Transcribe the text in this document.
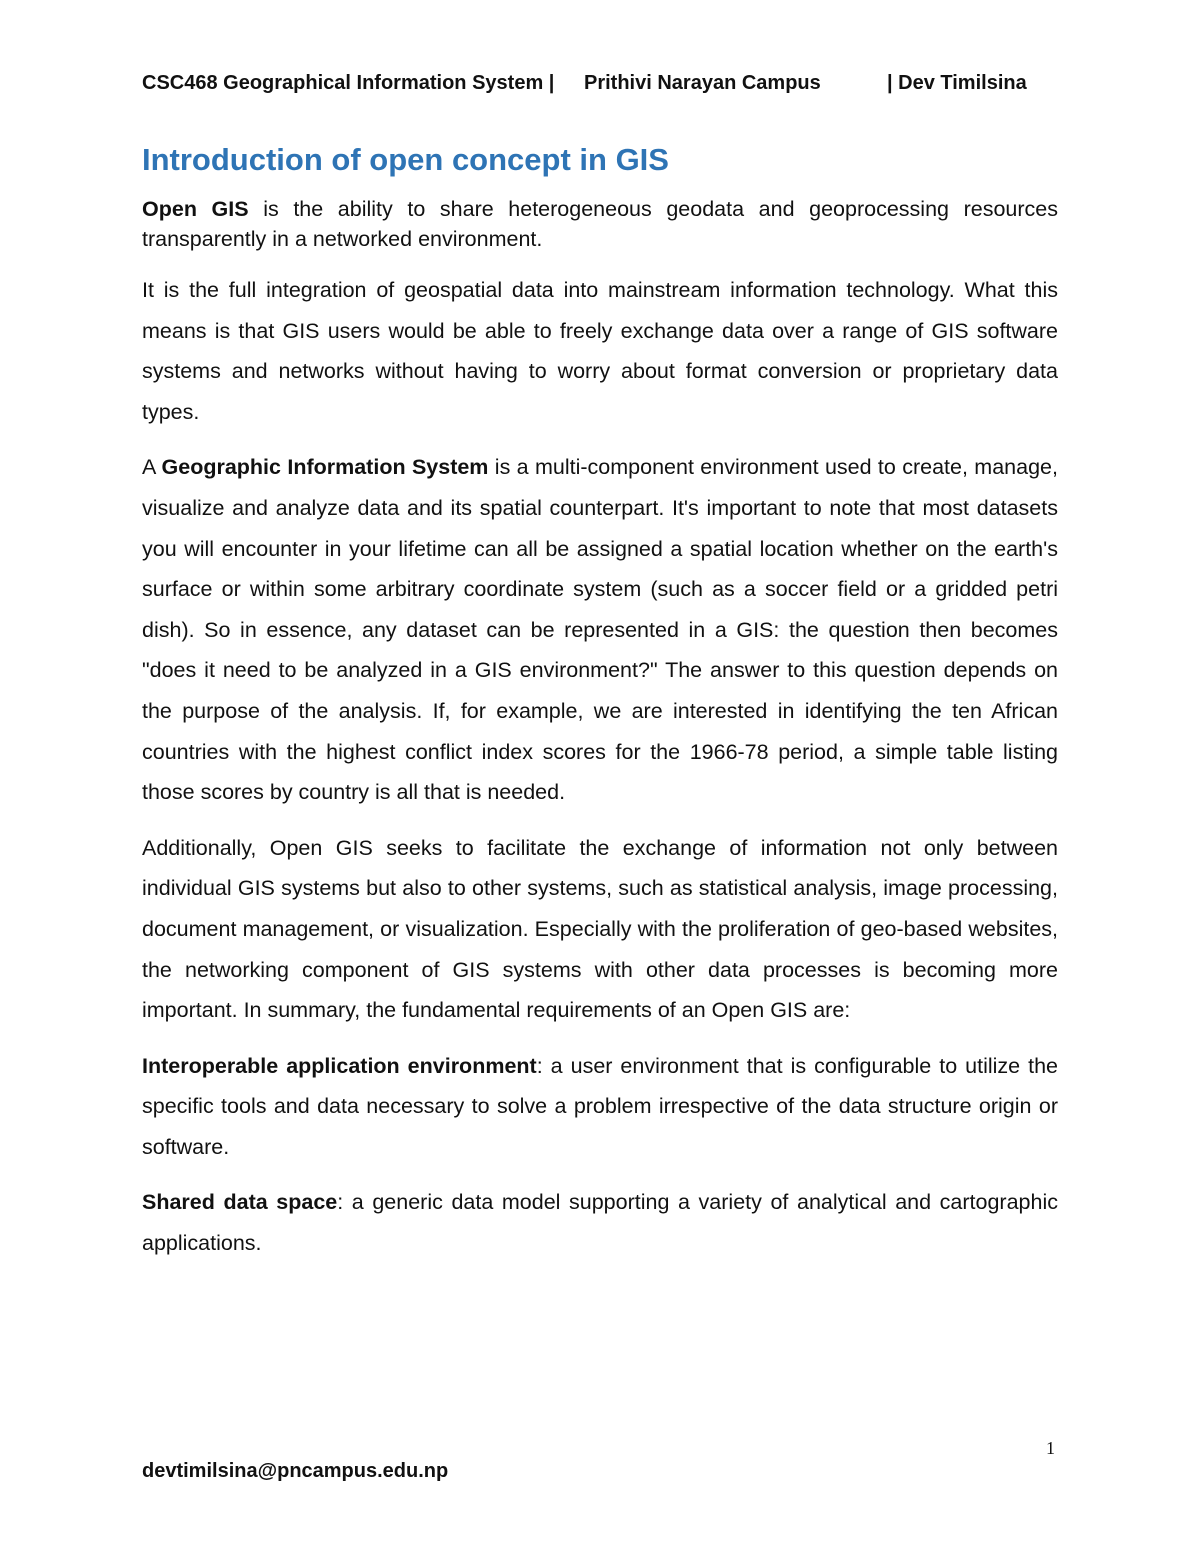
CSC468 Geographical Information System | Prithivi Narayan Campus	| Dev Timilsina
Introduction of open concept in GIS

Open GIS is the ability to share heterogeneous geodata and geoprocessing resources transparently in a networked environment.

It is the full integration of geospatial data into mainstream information technology. What this means is that GIS users would be able to freely exchange data over a range of GIS software systems and networks without having to worry about format conversion or proprietary data types.

A Geographic Information System is a multi-component environment used to create, manage, visualize and analyze data and its spatial counterpart. It's important to note that most datasets you will encounter in your lifetime can all be assigned a spatial location whether on the earth's surface or within some arbitrary coordinate system (such as a soccer field or a gridded petri dish). So in essence, any dataset can be represented in a GIS: the question then becomes "does it need to be analyzed in a GIS environment?" The answer to this question depends on the purpose of the analysis. If, for example, we are interested in identifying the ten African countries with the highest conflict index scores for the 1966-78 period, a simple table listing those scores by country is all that is needed.

Additionally, Open GIS seeks to facilitate the exchange of information not only between individual GIS systems but also to other systems, such as statistical analysis, image processing, document management, or visualization. Especially with the proliferation of geo-based websites, the networking component of GIS systems with other data processes is becoming more important. In summary, the fundamental requirements of an Open GIS are:

Interoperable application environment: a user environment that is configurable to utilize the specific tools and data necessary to solve a problem irrespective of the data structure origin or software.

Shared data space: a generic data model supporting a variety of analytical and cartographic applications.

1
devtimilsina@pncampus.edu.np
